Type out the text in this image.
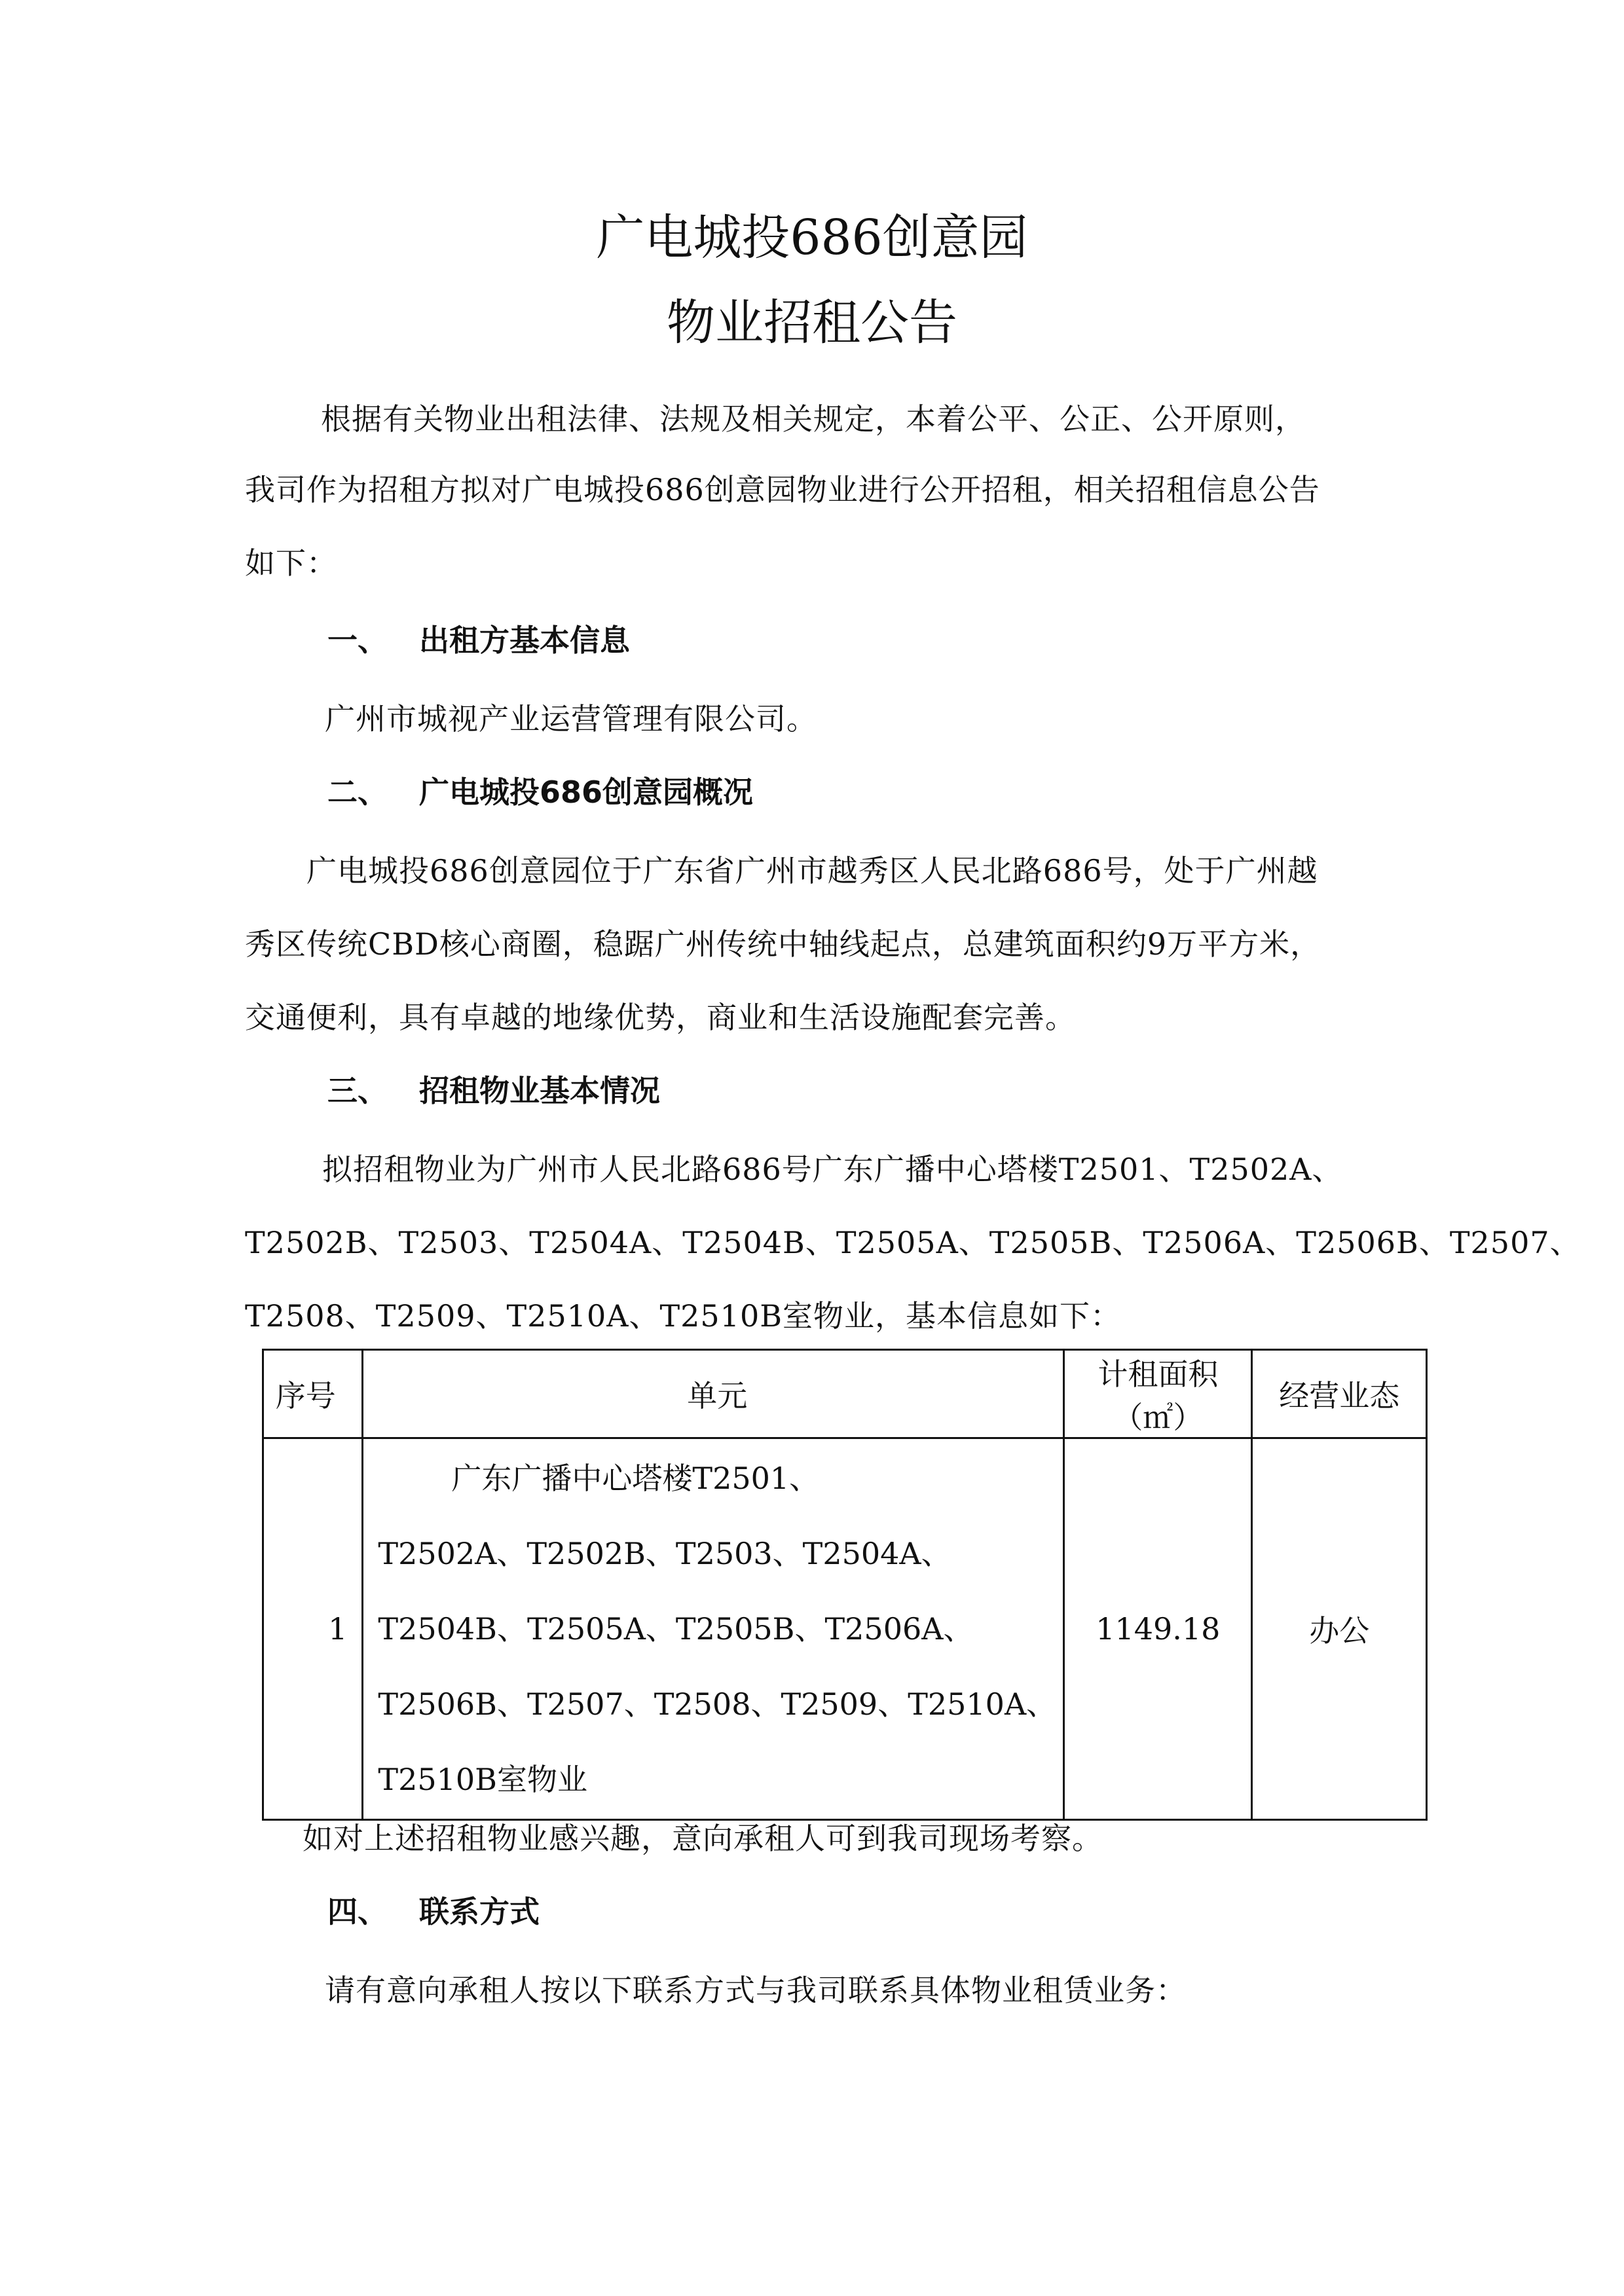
广电城投686创意园
物业招租公告
根据有关物业出租法律、法规及相关规定，本着公平、公正、公开原则，
我司作为招租方拟对广电城投686创意园物业进行公开招租，相关招租信息公告
如下：
一、 出租方基本信息
广州市城视产业运营管理有限公司。
二、 广电城投686创意园概况
广电城投686创意园位于广东省广州市越秀区人民北路686号，处于广州越
秀区传统CBD核心商圈，稳踞广州传统中轴线起点，总建筑面积约9万平方米，
交通便利，具有卓越的地缘优势，商业和生活设施配套完善。
三、 招租物业基本情况
拟招租物业为广州市人民北路686号广东广播中心塔楼T2501、T2502A、
T2502B、T2503、T2504A、T2504B、T2505A、T2505B、T2506A、T2506B、T2507、
T2508、T2509、T2510A、T2510B室物业，基本信息如下：
序号	单元	计租面积（㎡）	经营业态
1	广东广播中心塔楼T2501、
T2502A、T2502B、T2503、T2504A、
T2504B、T2505A、T2505B、T2506A、
T2506B、T2507、T2508、T2509、T2510A、
T2510B室物业	1149.18	办公
如对上述招租物业感兴趣，意向承租人可到我司现场考察。
四、 联系方式
请有意向承租人按以下联系方式与我司联系具体物业租赁业务：
